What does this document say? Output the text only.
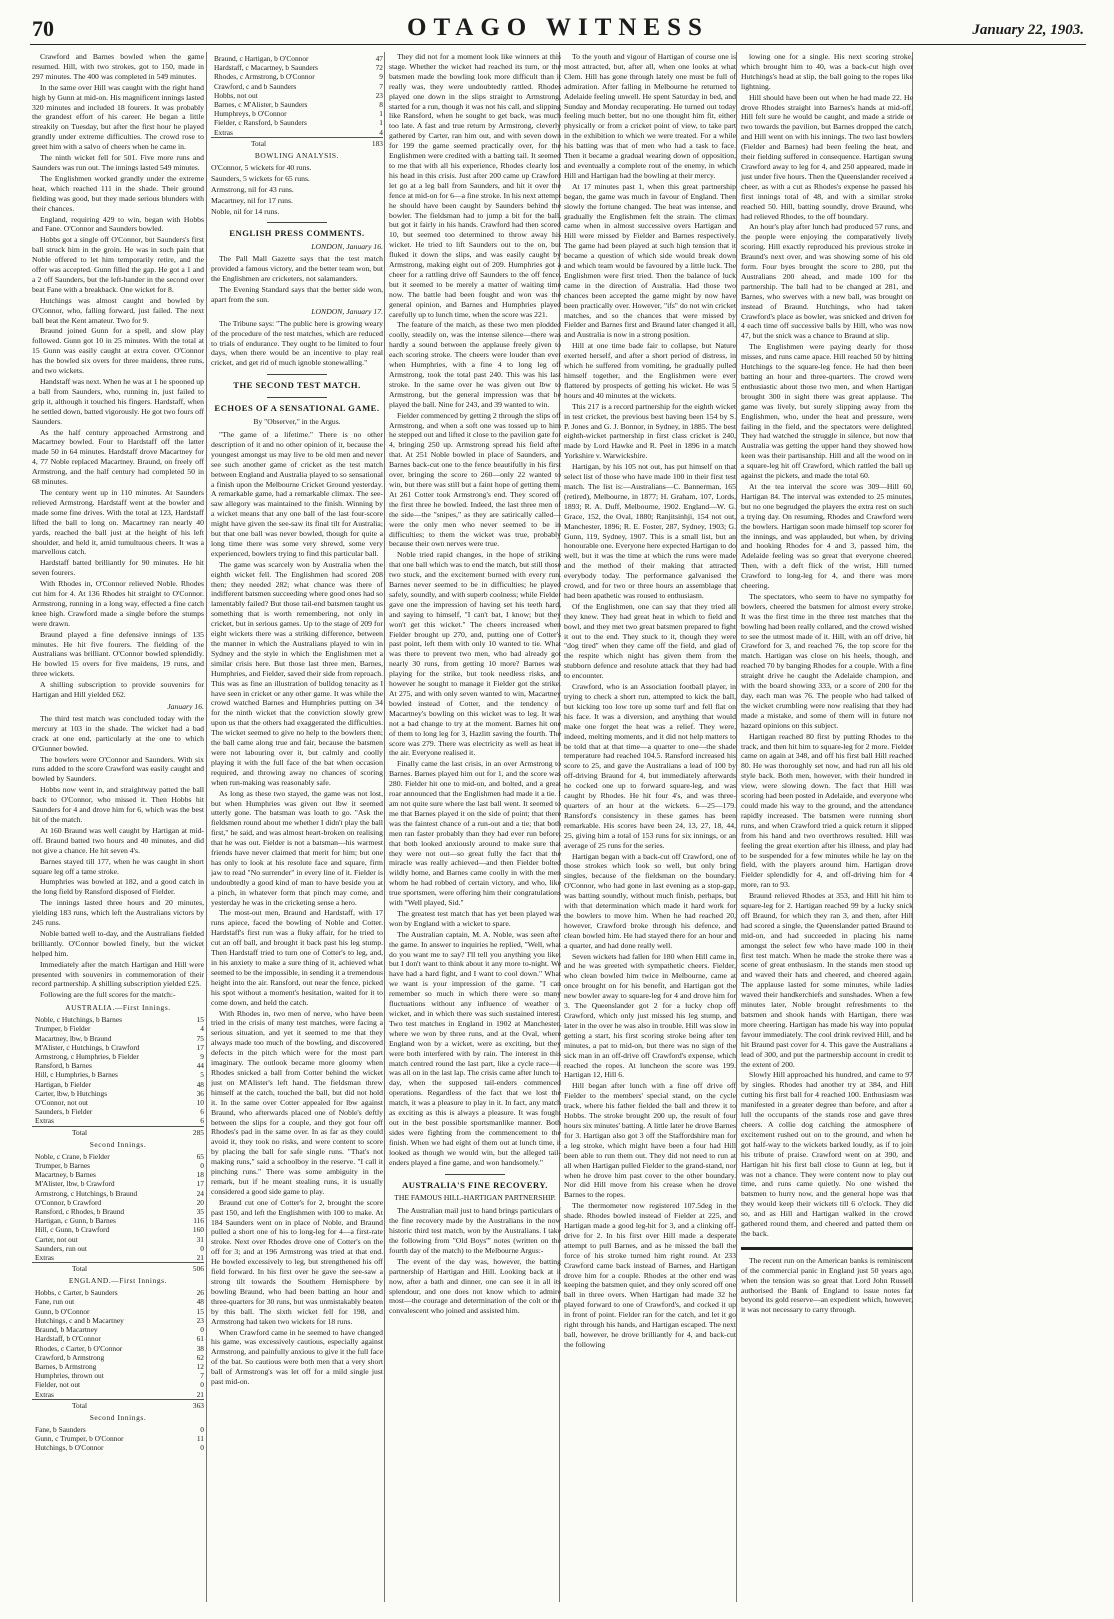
70	OTAGO WITNESS	January 22, 1903.

Crawford and Barnes bowled when the game resumed. Hill, with two strokes, got to 150, made in 297 minutes. The 400 was completed in 549 minutes.

In the same over Hill was caught with the right hand high by Gunn at mid-on. His magnificent innings lasted 320 minutes and included 18 fourers. It was probably the grandest effort of his career. He began a little streakily on Tuesday, but after the first hour he played grandly under extreme difficulties. The crowd rose to greet him with a salvo of cheers when he came in.

The ninth wicket fell for 501. Five more runs and Saunders was run out. The innings lasted 549 minutes.

The Englishmen worked grandly under the extreme heat, which reached 111 in the shade. Their ground fielding was good, but they made serious blunders with their chances.

England, requiring 429 to win, began with Hobbs and Fane. O'Connor and Saunders bowled.

Hobbs got a single off O'Connor, but Saunders's first ball struck him in the groin. He was in such pain that Noble offered to let him temporarily retire, and the offer was accepted. Gunn filled the gap. He got a 1 and a 2 off Saunders, but the left-hander in the second over beat Fane with a breakback. One wicket for 8.

Hutchings was almost caught and bowled by O'Connor, who, falling forward, just failed. The next ball beat the Kent amateur. Two for 9.

Braund joined Gunn for a spell, and slow play followed. Gunn got 10 in 25 minutes. With the total at 15 Gunn was easily caught at extra cover. O'Connor has the bowled six overs for three maidens, three runs, and two wickets.

Handstaff was next. When he was at 1 he spooned up a ball from Saunders, who, running in, just failed to grip it, although it touched his fingers. Hardstaff, when he settled down, batted vigorously. He got two fours off Saunders.

As the half century approached Armstrong and Macartney bowled. Four to Hardstaff off the latter made 50 in 64 minutes. Hardstaff drove Macartney for 4, 77 Noble replaced Macartney. Braund, on freely off Armstrong, and the half century had completed 50 in 68 minutes.

The century went up in 110 minutes. At Saunders relieved Armstrong. Hardstaff went at the bowler and made some fine drives. With the total at 123, Hardstaff lifted the ball to long on. Macartney ran nearly 40 yards, reached the ball just at the height of his left shoulder, and held it, amid tumultuous cheers. It was a marvellous catch.

Hardstaff batted brilliantly for 90 minutes. He hit seven fourers.

With Rhodes in, O'Connor relieved Noble. Rhodes cut him for 4. At 136 Rhodes hit straight to O'Connor. Armstrong, running in a long way, effected a fine catch knee high. Crawford made a single before the stumps were drawn.

Braund played a fine defensive innings of 135 minutes. He hit five fourers. The fielding of the Australians was brilliant. O'Connor bowled splendidly. He bowled 15 overs for five maidens, 19 runs, and three wickets.

A shilling subscription to provide souvenirs for Hartigan and Hill yielded £62.

January 16.

The third test match was concluded today with the mercury at 103 in the shade. The wicket had a bad crack at one end, particularly at the one to which O'Gunner bowled.

The bowlers were O'Connor and Saunders. With six runs added to the score Crawford was easily caught and bowled by Saunders.

Hobbs now went in, and straightway patted the ball back to O'Connor, who missed it. Then Hobbs hit Saunders for 4 and drove him for 6, which was the best hit of the match.

At 160 Braund was well caught by Hartigan at mid-off. Braund batted two hours and 40 minutes, and did not give a chance. He hit seven 4's.

Barnes stayed till 177, when he was caught in short square leg off a tame stroke.

Humphries was bowled at 182, and a good catch in the long field by Ransford disposed of Fielder.

The innings lasted three hours and 20 minutes, yielding 183 runs, which left the Australians victors by 245 runs.

Noble batted well to-day, and the Australians fielded brilliantly. O'Connor bowled finely, but the wicket helped him.

Immediately after the match Hartigan and Hill were presented with souvenirs in commemoration of their record partnership. A shilling subscription yielded £25.

Following are the full scores for the match:-

AUSTRALIA.—First Innings.
Noble, c Hutchings, b Barnes	15
Trumper, b Fielder	4
Macartney, lbw, b Braund	75
M'Alister, c Hutchings, b Crawford	17
Armstrong, c Humphries, b Fielder	9
Ransford, b Barnes	44
Hill, c Humphries, b Barnes	5
Hartigan, b Fielder	48
Carter, lbw, b Hutchings	36
O'Connor, not out	10
Saunders, b Fielder	6
Extras	6
Total	285
Second Innings.
Noble, c Crane, b Fielder	65
Trumper, b Barnes	0
Macartney, b Barnes	18
M'Alister, lbw, b Crawford	17
Armstrong, c Hutchings, b Braund	24
O'Connor, b Crawford	20
Ransford, c Rhodes, b Braund	35
Hartigan, c Gunn, b Barnes	116
Hill, c Gunn, b Crawford	160
Carter, not out	31
Saunders, run out	0
Extras	21
Total	506
ENGLAND.—First Innings.
Hobbs, c Carter, b Saunders	26
Fane, run out	48
Gunn, b O'Connor	15
Hutchings, c and b Macartney	23
Braund, b Macartney	0
Hardstaff, b O'Connor	61
Rhodes, c Carter, b O'Connor	38
Crawford, b Armstrong	62
Barnes, b Armstrong	12
Humphries, thrown out	7
Fielder, not out	0
Extras	21
Total	363
Second Innings.
Fane, b Saunders	0
Gunn, c Trumper, b O'Connor	11
Hutchings, b O'Connor	0
Braund, c Hartigan, b O'Connor	47
Hardstaff, c Macartney, b Saunders	72
Rhodes, c Armstrong, b O'Connor	9
Crawford, c and b Saunders	7
Hobbs, not out	23
Barnes, c M'Alister, b Saunders	8
Humphreys, b O'Connor	1
Fielder, c Ransford, b Saunders	1
Extras	4
Total	183
BOWLING ANALYSIS.

O'Connor, 5 wickets for 40 runs.

Saunders, 5 wickets for 65 runs.

Armstrong, nil for 43 runs.

Macartney, nil for 17 runs.

Noble, nil for 14 runs.

ENGLISH PRESS COMMENTS.
LONDON, January 16.

The Pall Mall Gazette says that the test match provided a famous victory, and the better team won, but the Englishmen are cricketers, not salamanders.

The Evening Standard says that the better side won, apart from the sun.

LONDON, January 17.

The Tribune says: "The public here is growing weary of the procedure of the test matches, which are reduced to trials of endurance. They ought to be limited to four days, when there would be an incentive to play real cricket, and get rid of much ignoble stonewalling."

THE SECOND TEST MATCH.
ECHOES OF A SENSATIONAL GAME.
By "Observer," in the Argus.

"The game of a lifetime." There is no other description of it and no other opinion of it, because the youngest amongst us may live to be old men and never see such another game of cricket as the test match between England and Australia played to so sensational a finish upon the Melbourne Cricket Ground yesterday. A remarkable game, had a remarkable climax. The see-saw allegory was maintained to the finish. Winning by a wicket means that any one ball of the last four-score might have given the see-saw its final tilt for Australia; but that one ball was never bowled, though for quite a long time there was some very shrewd, some very experienced, bowlers trying to find this particular ball.

The game was scarcely won by Australia when the eighth wicket fell. The Englishmen had scored 208 then; they needed 282; what chance was there of indifferent batsmen succeeding where good ones had so lamentably failed? But those tail-end batsmen taught us something that is worth remembering, not only in cricket, but in serious games. Up to the stage of 209 for eight wickets there was a striking difference, between the manner in which the Australians played to win in Sydney and the style in which the Englishmen met a similar crisis here. But those last three men, Barnes, Humphries, and Fielder, saved their side from reproach. This was as fine an illustration of bulldog tenacity as I have seen in cricket or any other game. It was while the crowd watched Barnes and Humphries putting on 34 for the ninth wicket that the conviction slowly grew upon us that the others had exaggerated the difficulties. The wicket seemed to give no help to the bowlers then; the ball came along true and fair, because the batsmen were not labouring over it, but calmly and coolly playing it with the full face of the bat when occasion required, and throwing away no chances of scoring when run-making was reasonably safe.

As long as these two stayed, the game was not lost, but when Humphries was given out lbw it seemed utterly gone. The batsman was loath to go. "Ask the fieldsmen round about me whether I didn't play the ball first," he said, and was almost heart-broken on realising that he was out. Fielder is not a batsman—his warmest friends have never claimed that merit for him; but one has only to look at his resolute face and square, firm jaw to read "No surrender" in every line of it. Fielder is undoubtedly a good kind of man to have beside you at a pinch, in whatever form that pinch may come, and yesterday he was in the cricketing sense a hero.

The most-out men, Braund and Hardstaff, with 17 runs apiece, faced the bowling of Noble and Cotter. Hardstaff's first run was a fluky affair, for he tried to cut an off ball, and brought it back past his leg stump. Then Hardstaff tried to turn one of Cotter's to leg, and, in his anxiety to make a sure thing of it, achieved what seemed to be the impossible, in sending it a tremendous height into the air. Ransford, out near the fence, picked his spot without a moment's hesitation, waited for it to come down, and held the catch.

With Rhodes in, two men of nerve, who have been tried in the crisis of many test matches, were facing a serious situation, and yet it seemed to me that they always made too much of the bowling, and discovered defects in the pitch which were for the most part imaginary. The outlook became more gloomy when Rhodes snicked a ball from Cotter behind the wicket just on M'Alister's left hand. The fieldsman threw himself at the catch, touched the ball, but did not hold it. In the same over Cotter appealed for lbw against Braund, who afterwards placed one of Noble's deftly between the slips for a couple, and they got four off Rhodes's pad in the same over. In as far as they could avoid it, they took no risks, and were content to score by placing the ball for safe single runs. "That's not making runs," said a schoolboy in the reserve. "I call it pinching runs." There was some ambiguity in the remark, but if he meant stealing runs, it is usually considered a good side game to play.

Braund cut one of Cotter's for 2, brought the score past 150, and left the Englishmen with 100 to make. At 184 Saunders went on in place of Noble, and Braund pulled a short one of his to long-leg for 4—a first-rate stroke. Next over Rhodes drove one of Cotter's on the off for 3; and at 196 Armstrong was tried at that end. He bowled excessively to leg, but strengthened his off field forward. In his first over he gave the see-saw a strong tilt towards the Southern Hemisphere by bowling Braund, who had been batting an hour and three-quarters for 30 runs, but was unmistakably beaten by this ball. The sixth wicket fell for 198, and Armstrong had taken two wickets for 18 runs.

When Crawford came in he seemed to have changed his game, was excessively cautious, especially against Armstrong, and painfully anxious to give it the full face of the bat. So cautious were both men that a very short ball of Armstrong's was let off for a mild single just past mid-on.

They did not for a moment look like winners at this stage. Whether the wicket had reached its turn, or the batsmen made the bowling look more difficult than it really was, they were undoubtedly rattled. Rhodes played one down in the slips straight to Armstrong, started for a run, though it was not his call, and slipping like Ransford, when he sought to get back, was much too late. A fast and true return by Armstrong, cleverly gathered by Carter, ran him out, and with seven down for 199 the game seemed practically over, for the Englishmen were credited with a batting tail. It seemed to me that with all his experience, Rhodes clearly lost his head in this crisis. Just after 200 came up Crawford let go at a leg ball from Saunders, and hit it over the fence at mid-on for 6—a fine stroke. In his next attempt he should have been caught by Saunders behind the bowler. The fieldsman had to jump a bit for the ball, but got it fairly in his hands. Crawford had then scored 10, but seemed too determined to throw away his wicket. He tried to lift Saunders out to the on, but fluked it down the slips, and was easily caught by Armstrong, making eight out of 209. Humphries got a cheer for a rattling drive off Saunders to the off fence, but it seemed to be merely a matter of waiting time now. The battle had been fought and won was the general opinion, and Barnes and Humphries played carefully up to lunch time, when the score was 221.

The feature of the match, as these two men plodded coolly, steadily on, was the intense silence—there was hardly a sound between the applause freely given to each scoring stroke. The cheers were louder than ever when Humphries, with a fine 4 to long leg off Armstrong, took the total past 240. This was his last stroke. In the same over he was given out lbw to Armstrong, but the general impression was that he played the ball. Nine for 243, and 39 wanted to win.

Fielder commenced by getting 2 through the slips off Armstrong, and when a soft one was tossed up to him he stepped out and lifted it close to the pavilion gate for 4, bringing 250 up. Armstrong spread his field after that. At 251 Noble bowled in place of Saunders, and Barnes back-cut one to the fence beautifully in his first over, bringing the score to 260—only 22 wanted to win, but there was still but a faint hope of getting them. At 261 Cotter took Armstrong's end. They scored off the first three he bowled. Indeed, the last three men of the side—the "snipes," as they are satirically called—were the only men who never seemed to be in difficulties; to them the wicket was true, probably because their own nerves were true.

Noble tried rapid changes, in the hope of striking that one ball which was to end the match, but still those two stuck, and the excitement burned with every run. Barnes never seemed to be in difficulties; he played safely, soundly, and with superb coolness; while Fielder gave one the impression of having set his teeth hard, and saying to himself, "I can't bat, I know; but they won't get this wicket." The cheers increased when Fielder brought up 270, and, putting one of Cotter's past point, left them with only 10 wanted to tie. What was there to prevent two men, who had already got nearly 30 runs, from getting 10 more? Barnes was playing for the strike, but took needless risks, and however he sought to manage it Fielder got the strike. At 275, and with only seven wanted to win, Macartney bowled instead of Cotter, and the tendency of Macartney's bowling on this wicket was to leg. It was not a bad change to try at the moment. Barnes hit one of them to long leg for 3, Hazlitt saving the fourth. The score was 279. There was electricity as well as heat in the air. Everyone realised it.

Finally came the last crisis, in an over Armstrong to Barnes. Barnes played him out for 1, and the score was 280. Fielder hit one to mid-on, and bolted, and a great roar announced that the Englishmen had made it a tie. I am not quite sure where the last ball went. It seemed to me that Barnes played it on the side of point; that there was the faintest chance of a run-out and a tie; that both men ran faster probably than they had ever run before; that both looked anxiously around to make sure that they were not out—so great fully the fact that the miracle was really achieved—and then Fielder bolted wildly home, and Barnes came coolly in with the men whom he had robbed of certain victory, and who, like true sportsmen, were offering him their congratulations with "Well played, Sid."

The greatest test match that has yet been played was won by England with a wicket to spare.

The Australian captain, M. A. Noble, was seen after the game. In answer to inquiries he replied, "Well, what do you want me to say? I'll tell you anything you like; but I don't want to think about it any more to-night. We have had a hard fight, and I want to cool down." What we want is your impression of the game. "I can remember so much in which there were so many fluctuations without any influence of weather or wicket, and in which there was such sustained interest. Two test matches in England in 1902 at Manchester, where we won by three runs, and at the Oval, where England won by a wicket, were as exciting, but they were both interfered with by rain. The interest in this match centred round the last part, like a cycle race—it was all on in the last lap. The crisis came after lunch to-day, when the supposed tail-enders commenced operations. Regardless of the fact that we lost the match, it was a pleasure to play in it. In fact, any match as exciting as this is always a pleasure. It was fought out in the best possible sportsmanlike manner. Both sides were fighting from the commencement to the finish. When we had eight of them out at lunch time, it looked as though we would win, but the alleged tail-enders played a fine game, and won handsomely."

AUSTRALIA'S FINE RECOVERY.
THE FAMOUS HILL-HARTIGAN PARTNERSHIP.

The Australian mail just to hand brings particulars of the fine recovery made by the Australians in the now historic third test match, won by the Australians. I take the following from "Old Boys'" notes (written on the fourth day of the match) to the Melbourne Argus:-

The event of the day was, however, the batting partnership of Hartigan and Hill. Looking back at it now, after a bath and dinner, one can see it in all its splendour, and one does not know which to admire most—the courage and determination of the colt or the convalescent who joined and assisted him.

To the youth and vigour of Hartigan of course one is most attracted, but, after all, when one looks at what Clem. Hill has gone through lately one must be full of admiration. After falling in Melbourne he returned to Adelaide feeling unwell. He spent Saturday in bed, and Sunday and Monday recuperating. He turned out today feeling much better, but no one thought him fit, either physically or from a cricket point of view, to take part in the exhibition to which we were treated. For a while his batting was that of men who had a task to face. Then it became a gradual wearing down of opposition, and eventually a complete rout of the enemy, in which Hill and Hartigan had the bowling at their mercy.

At 17 minutes past 1, when this great partnership began, the game was much in favour of England. Then slowly the fortune changed. The heat was intense, and gradually the Englishmen felt the strain. The climax came when in almost successive overs Hartigan and Hill were missed by Fielder and Barnes respectively. The game had been played at such high tension that it became a question of which side would break down and which team would be favoured by a little luck. The Englishmen were first tried. Then the balance of luck came in the direction of Australia. Had those two chances been accepted the game might by now have been practically over. However, "ifs" do not win cricket matches, and so the chances that were missed by Fielder and Barnes first and Braund later changed it all, and Australia is now in a strong position.

Hill at one time bade fair to collapse, but Nature exerted herself, and after a short period of distress, in which he suffered from vomiting, he gradually pulled himself together, and the Englishmen were ever flattered by prospects of getting his wicket. He was 5 hours and 40 minutes at the wickets.

This 217 is a record partnership for the eighth wicket in test cricket, the previous best having been 154 by S. P. Jones and G. J. Bonnor, in Sydney, in 1885. The best eighth-wicket partnership in first class cricket is 240, made by Lord Hawke and R. Peel in 1896 in a match Yorkshire v. Warwickshire.

Hartigan, by his 105 not out, has put himself on that select list of those who have made 100 in their first test match. The list is:—Australians—C. Bannerman, 165 (retired), Melbourne, in 1877; H. Graham, 107, Lords, 1893; R. A. Duff, Melbourne, 1902. England—W. G. Grace, 152, the Oval, 1880; Ranjitsinhji, 154 not out, Manchester, 1896; R. E. Foster, 287, Sydney, 1903; G. Gunn, 119, Sydney, 1907. This is a small list, but an honourable one. Everyone here expected Hartigan to do well, but it was the time at which the runs were made and the method of their making that attracted everybody today. The performance galvanised the crowd, and for two or three hours an assemblage that had been apathetic was roused to enthusiasm.

Of the Englishmen, one can say that they tried all they knew. They had great heat in which to field and bowl, and they met two great batsmen prepared to fight it out to the end. They stuck to it, though they were "dog tired" when they came off the field, and glad of the respite which night has given them from the stubborn defence and resolute attack that they had had to encounter.

Crawford, who is an Association football player, in trying to check a short run, attempted to kick the ball, but kicking too low tore up some turf and fell flat on his face. It was a diversion, and anything that would make one forget the heat was a relief. They were, indeed, melting moments, and it did not help matters to be told that at that time—a quarter to one—the shade temperature had reached 104.5. Ransford increased his score to 25, and gave the Australians a lead of 100 by off-driving Braund for 4, but immediately afterwards he cocked one up to forward square-leg, and was caught by Rhodes. He hit four 4's, and was three-quarters of an hour at the wickets. 6—25—179. Ransford's consistency in these games has been remarkable. His scores have been 24, 13, 27, 18, 44, 25, giving him a total of 153 runs for six innings, or an average of 25 runs for the series.

Hartigan began with a back-cut off Crawford, one of those strokes which look so well, but only bring singles, because of the fieldsman on the boundary. O'Connor, who had gone in last evening as a stop-gap, was batting soundly, without much finish, perhaps, but with that determination which made it hard work for the bowlers to move him. When he had reached 20, however, Crawford broke through his defence, and clean bowled him. He had stayed there for an hour and a quarter, and had done really well.

Seven wickets had fallen for 180 when Hill came in, and he was greeted with sympathetic cheers. Fielder, who clean bowled him twice in Melbourne, came at once brought on for his benefit, and Hartigan got the new bowler away to square-leg for 4 and drove him for 3. The Queenslander got 2 for a lucky chop off Crawford, which only just missed his leg stump, and later in the over he was also in trouble. Hill was slow in getting a start, his first scoring stroke being after ten minutes, a pat to mid-on, but there was no sign of the sick man in an off-drive off Crawford's expense, which reached the ropes. At luncheon the score was 199. Hartigan 12, Hill 6.

Hill began after lunch with a fine off drive off Fielder to the members' special stand, on the cycle track, where his father fielded the ball and threw it to Hobbs. The stroke brought 200 up, the result of four hours six minutes' batting. A little later he drove Barnes for 3. Hartigan also got 3 off the Staffordshire man for a leg stroke, which might have been a four had Hill been able to run them out. They did not need to run at all when Hartigan pulled Fielder to the grand-stand, nor when he drove him past cover to the other boundary. Nor did Hill move from his crease when he drove Barnes to the ropes.

The thermometer now registered 107.5deg in the shade. Rhodes bowled instead of Fielder at 225, and Hartigan made a good leg-hit for 3, and a clinking off-drive for 2. In his first over Hill made a desperate attempt to pull Barnes, and as he missed the ball the force of his stroke turned him right round. At 233 Crawford came back instead of Barnes, and Hartigan drove him for a couple. Rhodes at the other end was keeping the batsmen quiet, and they only scored off one ball in three overs. When Hartigan had made 32 he played forward to one of Crawford's, and cocked it up in front of point. Fielder ran for the catch, and let it go right through his hands, and Hartigan escaped. The next ball, however, he drove brilliantly for 4, and back-cut the following

lowing one for a single. His next scoring stroke, which brought him to 40, was a back-cut high over Hutchings's head at slip, the ball going to the ropes like lightning.

Hill should have been out when he had made 22. He drove Rhodes straight into Barnes's hands at mid-off. Hill felt sure he would be caught, and made a stride or two towards the pavilion, but Barnes dropped the catch, and Hill went on with his innings. The two last bowlers (Fielder and Barnes) had been feeling the heat, and their fielding suffered in consequence. Hartigan swung Crawford away to leg for 4, and 250 appeared, made in just under five hours. Then the Queenslander received a cheer, as with a cut as Rhodes's expense he passed his first innings total of 48, and with a similar stroke reached 50. Hill, batting soundly, drove Braund, who had relieved Rhodes, to the off boundary.

An hour's play after lunch had produced 57 runs, and the people were enjoying the comparatively lively scoring. Hill exactly reproduced his previous stroke in Braund's next over, and was showing some of his old form. Four byes brought the score to 280, put the Australians 200 ahead, and made 100 for the partnership. The ball had to be changed at 281, and Barnes, who swerves with a new ball, was brought on instead of Braund. Hutchings, who had taken Crawford's place as bowler, was snicked and driven for 4 each time off successive balls by Hill, who was now 47, but the snick was a chance to Braund at slip.

The Englishmen were paying dearly for those misses, and runs came apace. Hill reached 50 by hitting Hutchings to the square-leg fence. He had then been batting an hour and three-quarters. The crowd were enthusiastic about those two men, and when Hartigan brought 300 in sight there was great applause. The game was lively, but surely slipping away from the Englishmen, who, under the heat and pressure, were failing in the field, and the spectators were delighted. They had watched the struggle in silence, but now that Australia was getting the upper hand they showed how keen was their partisanship. Hill and all the wood on in a square-leg hit off Crawford, which rattled the ball up against the pickets, and made the total 60.

At the tea interval the score was 309—Hill 60, Hartigan 84. The interval was extended to 25 minutes, but no one begrudged the players the extra rest on such a trying day. On resuming, Rhodes and Crawford were the bowlers. Hartigan soon made himself top scorer for the innings, and was applauded, but when, by driving and hooking Rhodes for 4 and 3, passed him, the Adelaide feeling was so great that everyone cheered. Then, with a deft flick of the wrist, Hill turned Crawford to long-leg for 4, and there was more cheering.

The spectators, who seem to have no sympathy for bowlers, cheered the batsmen for almost every stroke. It was the first time in the three test matches that the bowling had been really collared, and the crowd wished to see the utmost made of it. Hill, with an off drive, hit Crawford for 3, and reached 76, the top score for the match. Hartigan was close on his heels, though, and reached 70 by banging Rhodes for a couple. With a fine straight drive he caught the Adelaide champion, and with the board showing 333, or a score of 200 for the day, each man was 76. The people who had talked of the wicket crumbling were now realising that they had made a mistake, and some of them will in future not hazard opinions on this subject.

Hartigan reached 80 first by putting Rhodes to the track, and then hit him to square-leg for 2 more. Fielder came on again at 348, and off his first ball Hill reached 80. He was thoroughly set now, and had run all his old style back. Both men, however, with their hundred in view, were slowing down. The fact that Hill was scoring had been posted in Adelaide, and everyone who could made his way to the ground, and the attendance rapidly increased. The batsmen were running short runs, and when Crawford tried a quick return it slipped from his hand and two overthrows resulted. Hill was feeling the great exertion after his illness, and play had to be suspended for a few minutes while he lay on the field, with the players around him. Hartigan drove Fielder splendidly for 4, and off-driving him for 4 more, ran to 93.

Braund relieved Rhodes at 353, and Hill hit him to square-leg for 2. Hartigan reached 99 by a lucky snick off Braund, for which they ran 3, and then, after Hill had scored a single, the Queenslander patted Braund to mid-on, and had succeeded in placing his name amongst the select few who have made 100 in their first test match. When he made the stroke there was a scene of great enthusiasm. In the stands men stood up and waved their hats and cheered, and cheered again. The applause lasted for some minutes, while ladies waved their handkerchiefs and sunshades. When a few minutes later, Noble brought refreshments to the batsmen and shook hands with Hartigan, there was more cheering. Hartigan has made his way into popular favour immediately. The cool drink revived Hill, and he hit Braund past cover for 4. This gave the Australians a lead of 300, and put the partnership account in credit to the extent of 200.

Slowly Hill approached his hundred, and came to 97 by singles. Rhodes had another try at 384, and Hill cutting his first ball for 4 reached 100. Enthusiasm was manifested in a greater degree than before, and after a lull the occupants of the stands rose and gave three cheers. A collie dog catching the atmosphere of excitement rushed out on to the ground, and when he got half-way to the wickets barked loudly, as if to join his tribute of praise. Crawford went on at 390, and Hartigan hit his first ball close to Gunn at leg, but it was not a chance. They were content now to play out time, and runs came quietly. No one wished the batsmen to hurry now, and the general hope was that they would keep their wickets till 6 o'clock. They did so, and as Hill and Hartigan walked in the crowd gathered round them, and cheered and patted them on the back.

The recent run on the American banks is reminiscent of the commercial panic in England just 50 years ago, when the tension was so great that Lord John Russell authorised the Bank of England to issue notes far beyond its gold reserve—an expedient which, however, it was not necessary to carry through.
